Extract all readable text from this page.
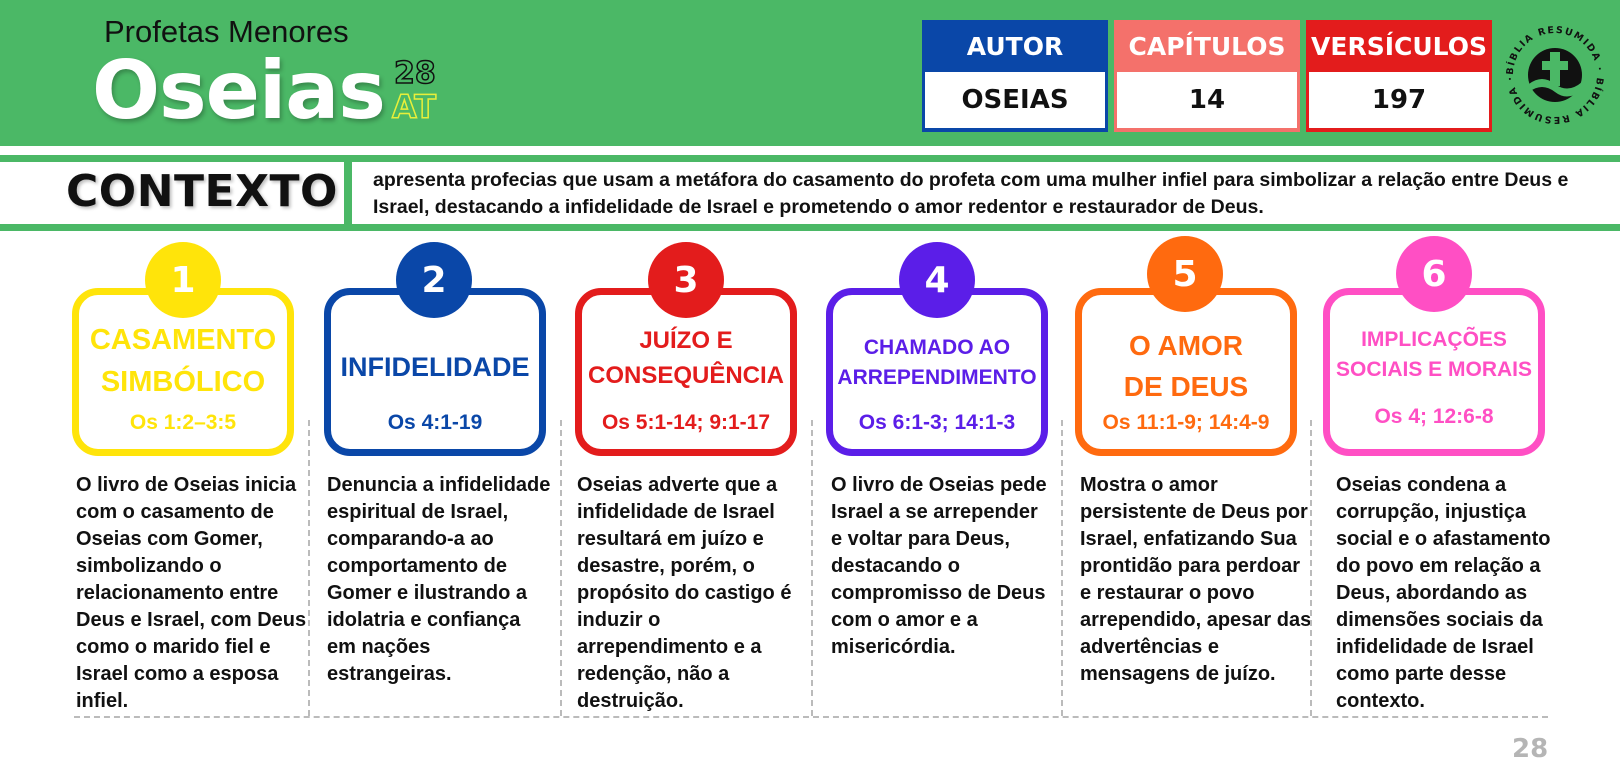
Profetas Menores
Oseias 28
AT
AUTOR
OSEIAS
CAPÍTULOS
14
VERSÍCULOS
197
BÍBLIA RESUMIDA · BÍBLIA RESUMIDA ·
CONTEXTO apresenta profecias que usam a metáfora do casamento do profeta com uma mulher infiel para simbolizar a relação entre Deus e Israel, destacando a infidelidade de Israel e prometendo o amor redentor e restaurador de Deus.
CASAMENTO
SIMBÓLICO
Os 1:2–3:5
1
O livro de Oseias inicia com o casamento de Oseias com Gomer, simbolizando o relacionamento entre Deus e Israel, com Deus como o marido fiel e Israel como a esposa infiel.
INFIDELIDADE
Os 4:1-19
2
Denuncia a infidelidade espiritual de Israel, comparando-a ao comportamento de Gomer e ilustrando a idolatria e confiança em nações estrangeiras.
JUÍZO E
CONSEQUÊNCIA
Os 5:1-14; 9:1-17
3
Oseias adverte que a infidelidade de Israel resultará em juízo e desastre, porém, o propósito do castigo é induzir o arrependimento e a redenção, não a destruição.
CHAMADO AO
ARREPENDIMENTO
Os 6:1-3; 14:1-3
4
O livro de Oseias pede Israel a se arrepender e voltar para Deus, destacando o compromisso de Deus com o amor e a misericórdia.
O AMOR
DE DEUS
Os 11:1-9; 14:4-9
5
Mostra o amor persistente de Deus por Israel, enfatizando Sua prontidão para perdoar e restaurar o povo arrependido, apesar das advertências e mensagens de juízo.
IMPLICAÇÕES
SOCIAIS E MORAIS
Os 4; 12:6-8
6
Oseias condena a corrupção, injustiça social e o afastamento do povo em relação a Deus, abordando as dimensões sociais da infidelidade de Israel como parte desse contexto.
28
